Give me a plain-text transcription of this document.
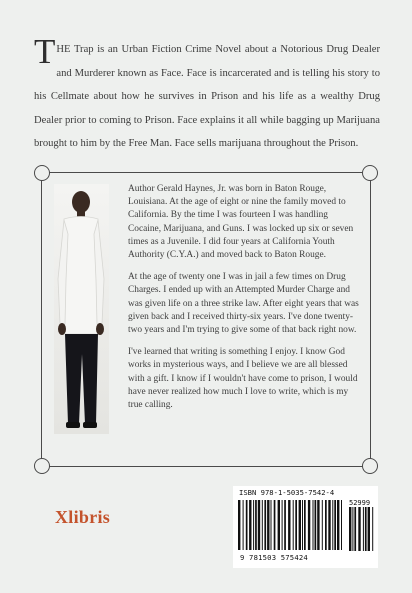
THE Trap is an Urban Fiction Crime Novel about a Notorious Drug Dealer and Murderer known as Face. Face is incarcerated and is telling his story to his Cellmate about how he survives in Prison and his life as a wealthy Drug Dealer prior to coming to Prison. Face explains it all while bagging up Marijuana brought to him by the Free Man. Face sells marijuana throughout the Prison.

Author Gerald Haynes, Jr. was born in Baton Rouge, Louisiana. At the age of eight or nine the family moved to California. By the time I was fourteen I was handling Cocaine, Marijuana, and Guns. I was locked up six or seven times as a Juvenile. I did four years at California Youth Authority (C.Y.A.) and moved back to Baton Rouge.

At the age of twenty one I was in jail a few times on Drug Charges. I ended up with an Attempted Murder Charge and was given life on a three strike law. After eight years that was given back and I received thirty-six years. I've done twenty-two years and I'm trying to give some of that back right now.

I've learned that writing is something I enjoy. I know God works in mysterious ways, and I believe we are all blessed with a gift. I know if I wouldn't have come to prison, I would have never realized how much I love to write, which is my true calling.

Xlibris
ISBN 978-1-5035-7542-4
52999
9 781503 575424
